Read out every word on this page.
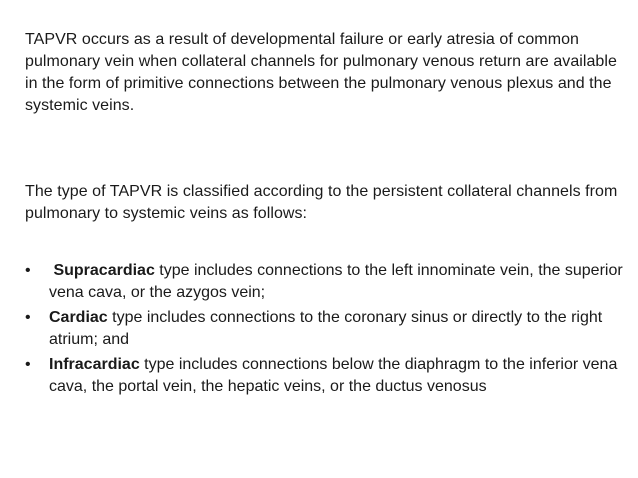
TAPVR occurs as a result of developmental failure or early atresia of common pulmonary vein when collateral channels for pulmonary venous return are available in the form of primitive connections between the pulmonary venous plexus and the systemic veins.

The type of TAPVR is classified according to the persistent collateral channels from pulmonary to systemic veins as follows:

•	Supracardiac type includes connections to the left innominate vein, the superior vena cava, or the azygos vein;
•	Cardiac type includes connections to the coronary sinus or directly to the right atrium; and
•	Infracardiac type includes connections below the diaphragm to the inferior vena cava, the portal vein, the hepatic veins, or the ductus venosus
